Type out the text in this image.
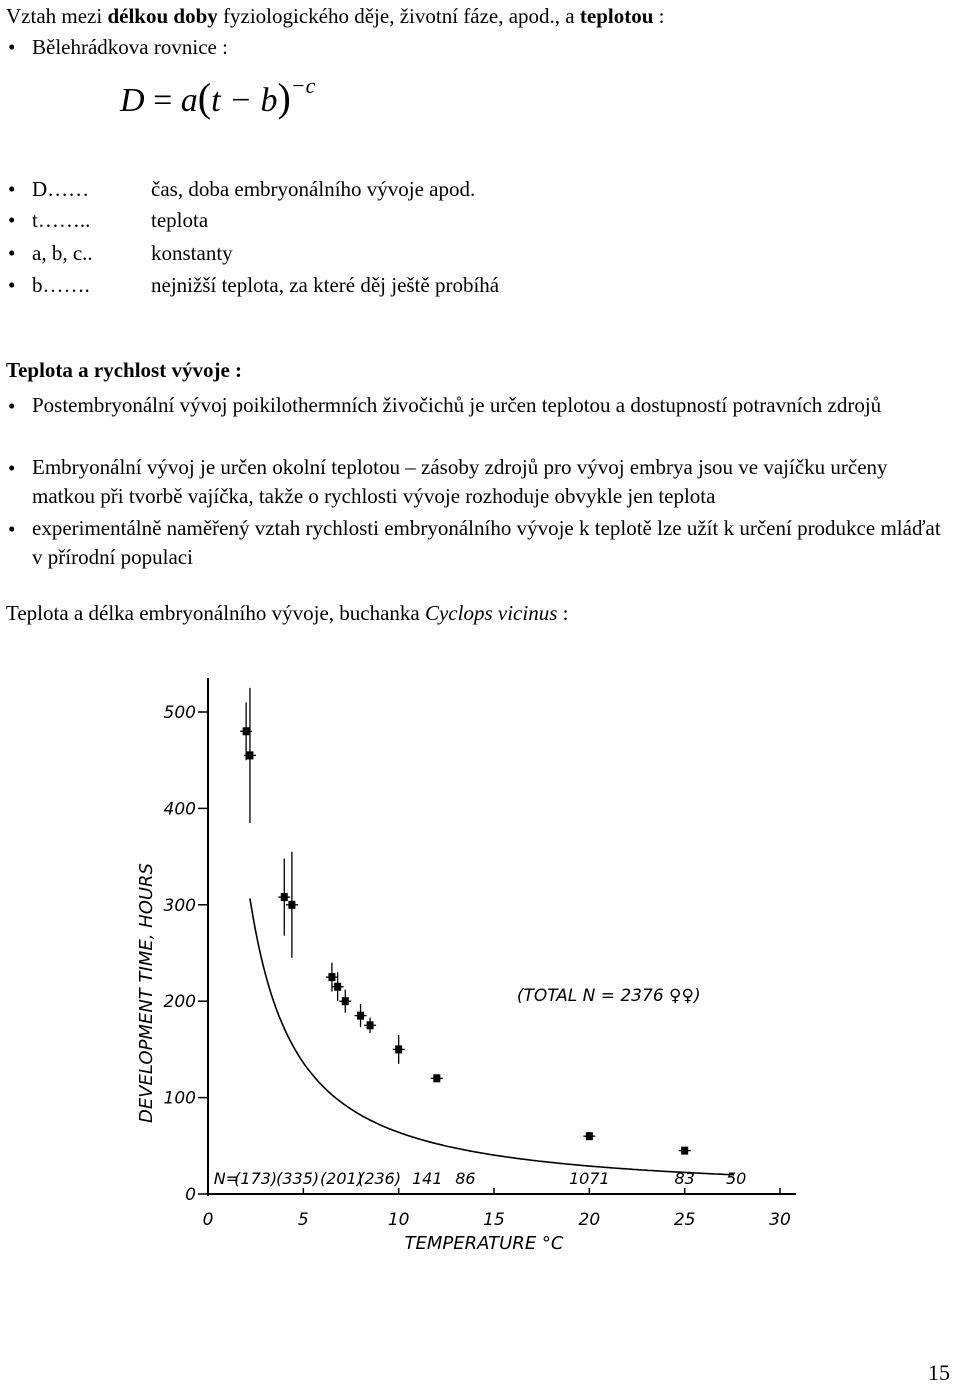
Vztah mezi délkou doby fyziologického děje, životní fáze, apod., a teplotou :
• Bělehrádkova rovnice :
$D = a(t - b)^{-c}$
• D……	čas, doba embryonálního vývoje apod.
• t……..	teplota
• a, b, c..	konstanty
• b…….	nejnižší teplota, za které děj ještě probíhá
Teplota a rychlost vývoje :
• Postembryonální vývoj poikilothermních živočichů je určen teplotou a dostupností potravních zdrojů
• Embryonální vývoj je určen okolní teplotou – zásoby zdrojů pro vývoj embrya jsou ve vajíčku určeny matkou při tvorbě vajíčka, takže o rychlosti vývoje rozhoduje obvykle jen teplota
• experimentálně naměřený vztah rychlosti embryonálního vývoje k teplotě lze užít k určení produkce mláďat v přírodní populaci
Teplota a délka embryonálního vývoje, buchanka Cyclops vicinus :
0	5	10	15	20	25	30
0
100
200
300
400
500
TEMPERATURE °C
DEVELOPMENT TIME, HOURS	(TOTAL N = 2376 ♀♀)
N=
(173)
(335) (201)
(236) 141 86	1071	83 50
15
